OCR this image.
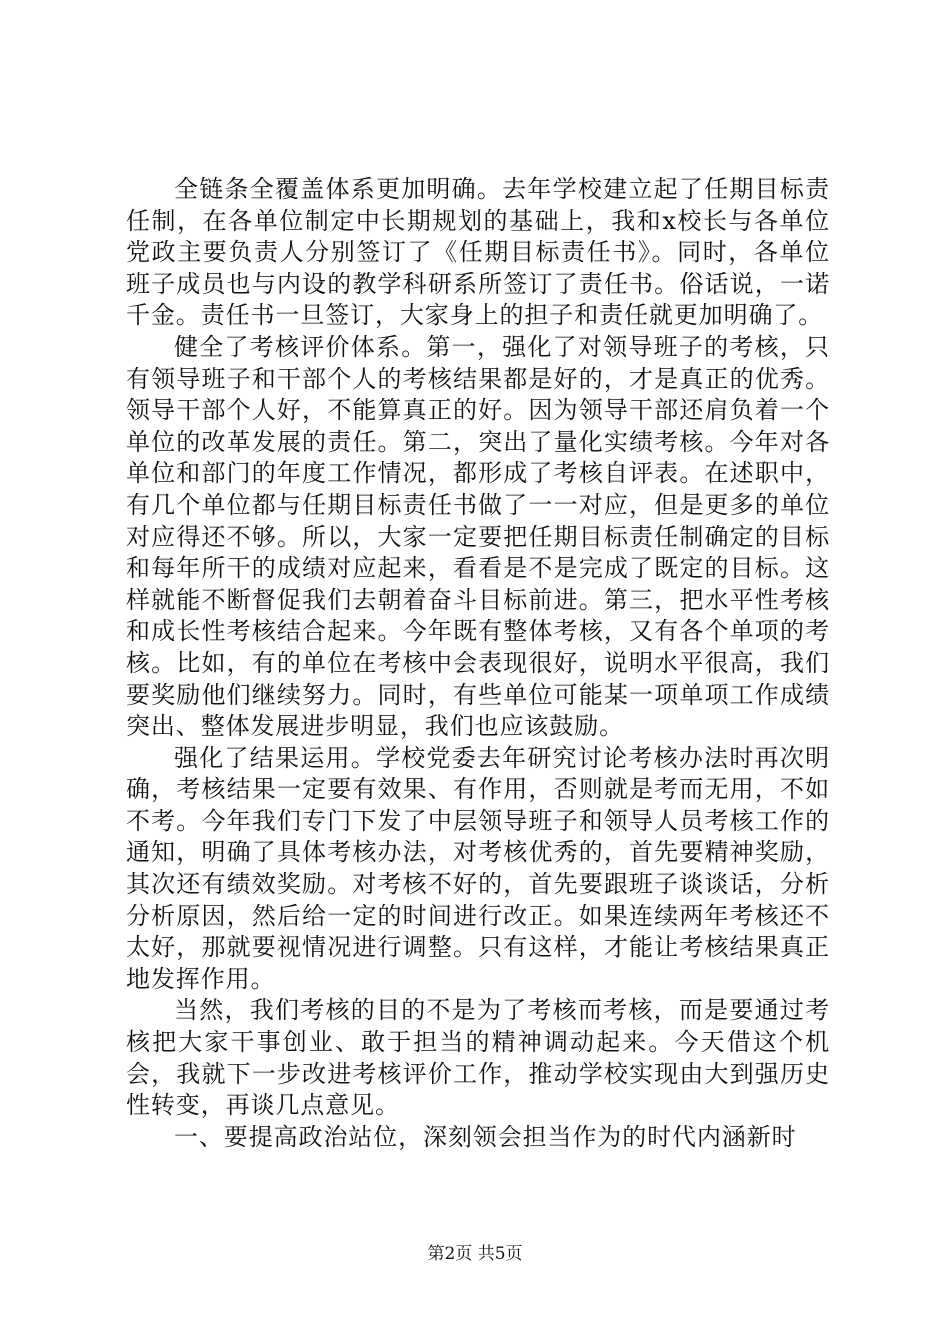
全链条全覆盖体系更加明确。去年学校建立起了任期目标责任制，在各单位制定中长期规划的基础上，我和x校长与各单位党政主要负责人分别签订了《任期目标责任书》。同时，各单位班子成员也与内设的教学科研系所签订了责任书。俗话说，一诺千金。责任书一旦签订，大家身上的担子和责任就更加明确了。

健全了考核评价体系。第一，强化了对领导班子的考核，只有领导班子和干部个人的考核结果都是好的，才是真正的优秀。领导干部个人好，不能算真正的好。因为领导干部还肩负着一个单位的改革发展的责任。第二，突出了量化实绩考核。今年对各单位和部门的年度工作情况，都形成了考核自评表。在述职中，有几个单位都与任期目标责任书做了一一对应，但是更多的单位对应得还不够。所以，大家一定要把任期目标责任制确定的目标和每年所干的成绩对应起来，看看是不是完成了既定的目标。这样就能不断督促我们去朝着奋斗目标前进。第三，把水平性考核和成长性考核结合起来。今年既有整体考核，又有各个单项的考核。比如，有的单位在考核中会表现很好，说明水平很高，我们要奖励他们继续努力。同时，有些单位可能某一项单项工作成绩突出、整体发展进步明显，我们也应该鼓励。

强化了结果运用。学校党委去年研究讨论考核办法时再次明确，考核结果一定要有效果、有作用，否则就是考而无用，不如不考。今年我们专门下发了中层领导班子和领导人员考核工作的通知，明确了具体考核办法，对考核优秀的，首先要精神奖励，其次还有绩效奖励。对考核不好的，首先要跟班子谈谈话，分析分析原因，然后给一定的时间进行改正。如果连续两年考核还不太好，那就要视情况进行调整。只有这样，才能让考核结果真正地发挥作用。

当然，我们考核的目的不是为了考核而考核，而是要通过考核把大家干事创业、敢于担当的精神调动起来。今天借这个机会，我就下一步改进考核评价工作，推动学校实现由大到强历史性转变，再谈几点意见。

一、要提高政治站位，深刻领会担当作为的时代内涵新时

第2页 共5页
